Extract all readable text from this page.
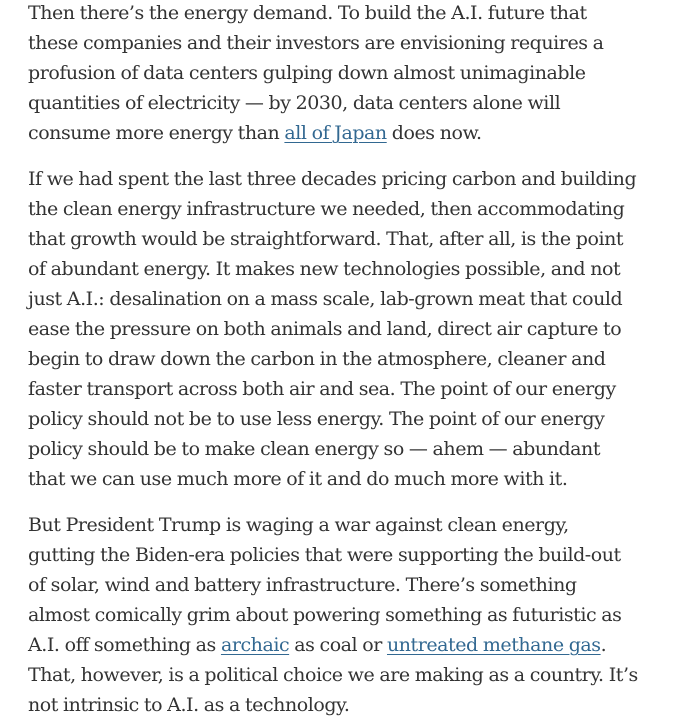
Then there’s the energy demand. To build the A.I. future that these companies and their investors are envisioning requires a profusion of data centers gulping down almost unimaginable quantities of electricity — by 2030, data centers alone will consume more energy than all of Japan does now.

If we had spent the last three decades pricing carbon and building the clean energy infrastructure we needed, then accommodating that growth would be straightforward. That, after all, is the point of abundant energy. It makes new technologies possible, and not just A.I.: desalination on a mass scale, lab-grown meat that could ease the pressure on both animals and land, direct air capture to begin to draw down the carbon in the atmosphere, cleaner and faster transport across both air and sea. The point of our energy policy should not be to use less energy. The point of our energy policy should be to make clean energy so — ahem — abundant that we can use much more of it and do much more with it.

But President Trump is waging a war against clean energy, gutting the Biden-era policies that were supporting the build-out of solar, wind and battery infrastructure. There’s something almost comically grim about powering something as futuristic as A.I. off something as archaic as coal or untreated methane gas. That, however, is a political choice we are making as a country. It’s not intrinsic to A.I. as a technology.
